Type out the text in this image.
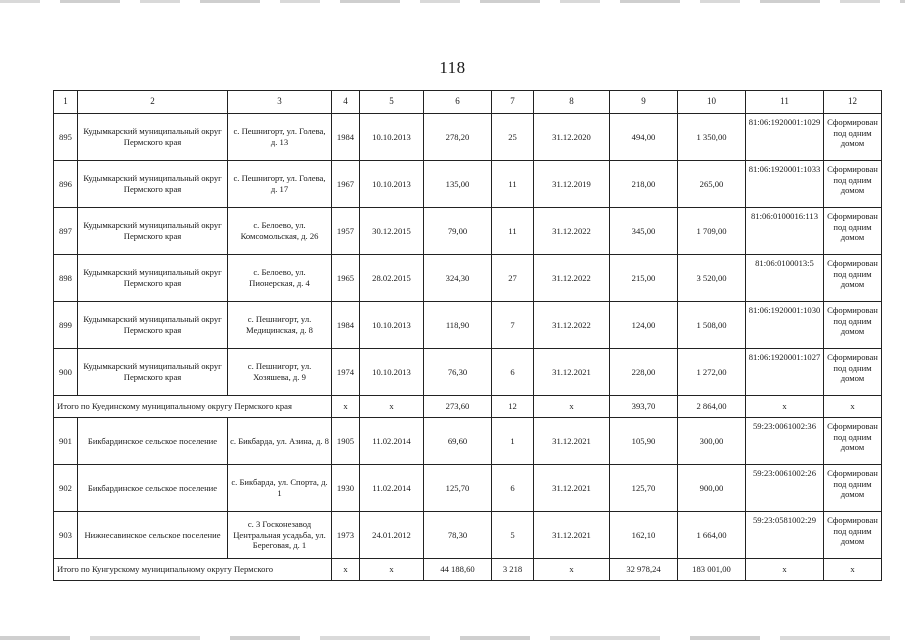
118
1	2	3	4	5	6	7	8	9	10	11	12
895	Кудымкарский муниципальный округ Пермского края	с. Пешнигорт, ул. Голева, д. 13	1984	10.10.2013	278,20	25	31.12.2020	494,00	1 350,00	81:06:1920001:1029	Сформирован под одним домом
896	Кудымкарский муниципальный округ Пермского края	с. Пешнигорт, ул. Голева, д. 17	1967	10.10.2013	135,00	11	31.12.2019	218,00	265,00	81:06:1920001:1033	Сформирован под одним домом
897	Кудымкарский муниципальный округ Пермского края	с. Белоево, ул. Комсомольская, д. 26	1957	30.12.2015	79,00	11	31.12.2022	345,00	1 709,00	81:06:0100016:113	Сформирован под одним домом
898	Кудымкарский муниципальный округ Пермского края	с. Белоево, ул. Пионерская, д. 4	1965	28.02.2015	324,30	27	31.12.2022	215,00	3 520,00	81:06:0100013:5	Сформирован под одним домом
899	Кудымкарский муниципальный округ Пермского края	с. Пешнигорт, ул. Медицинская, д. 8	1984	10.10.2013	118,90	7	31.12.2022	124,00	1 508,00	81:06:1920001:1030	Сформирован под одним домом
900	Кудымкарский муниципальный округ Пермского края	с. Пешнигорт, ул. Хозяшева, д. 9	1974	10.10.2013	76,30	6	31.12.2021	228,00	1 272,00	81:06:1920001:1027	Сформирован под одним домом
Итого по Куединскому муниципальному округу Пермского края			x	x	273,60	12	x	393,70	2 864,00	x	x
901	Бикбардинское сельское поселение	с. Бикбарда, ул. Азина, д. 8	1905	11.02.2014	69,60	1	31.12.2021	105,90	300,00	59:23:0061002:36	Сформирован под одним домом
902	Бикбардинское сельское поселение	с. Бикбарда, ул. Спорта, д. 1	1930	11.02.2014	125,70	6	31.12.2021	125,70	900,00	59:23:0061002:26	Сформирован под одним домом
903	Нижнесавинское сельское поселение	с. 3 Госконезавод Центральная усадьба, ул. Береговая, д. 1	1973	24.01.2012	78,30	5	31.12.2021	162,10	1 664,00	59:23:0581002:29	Сформирован под одним домом
Итого по Кунгурскому муниципальному округу Пермского			x	x	44 188,60	3 218	x	32 978,24	183 001,00	x	x
